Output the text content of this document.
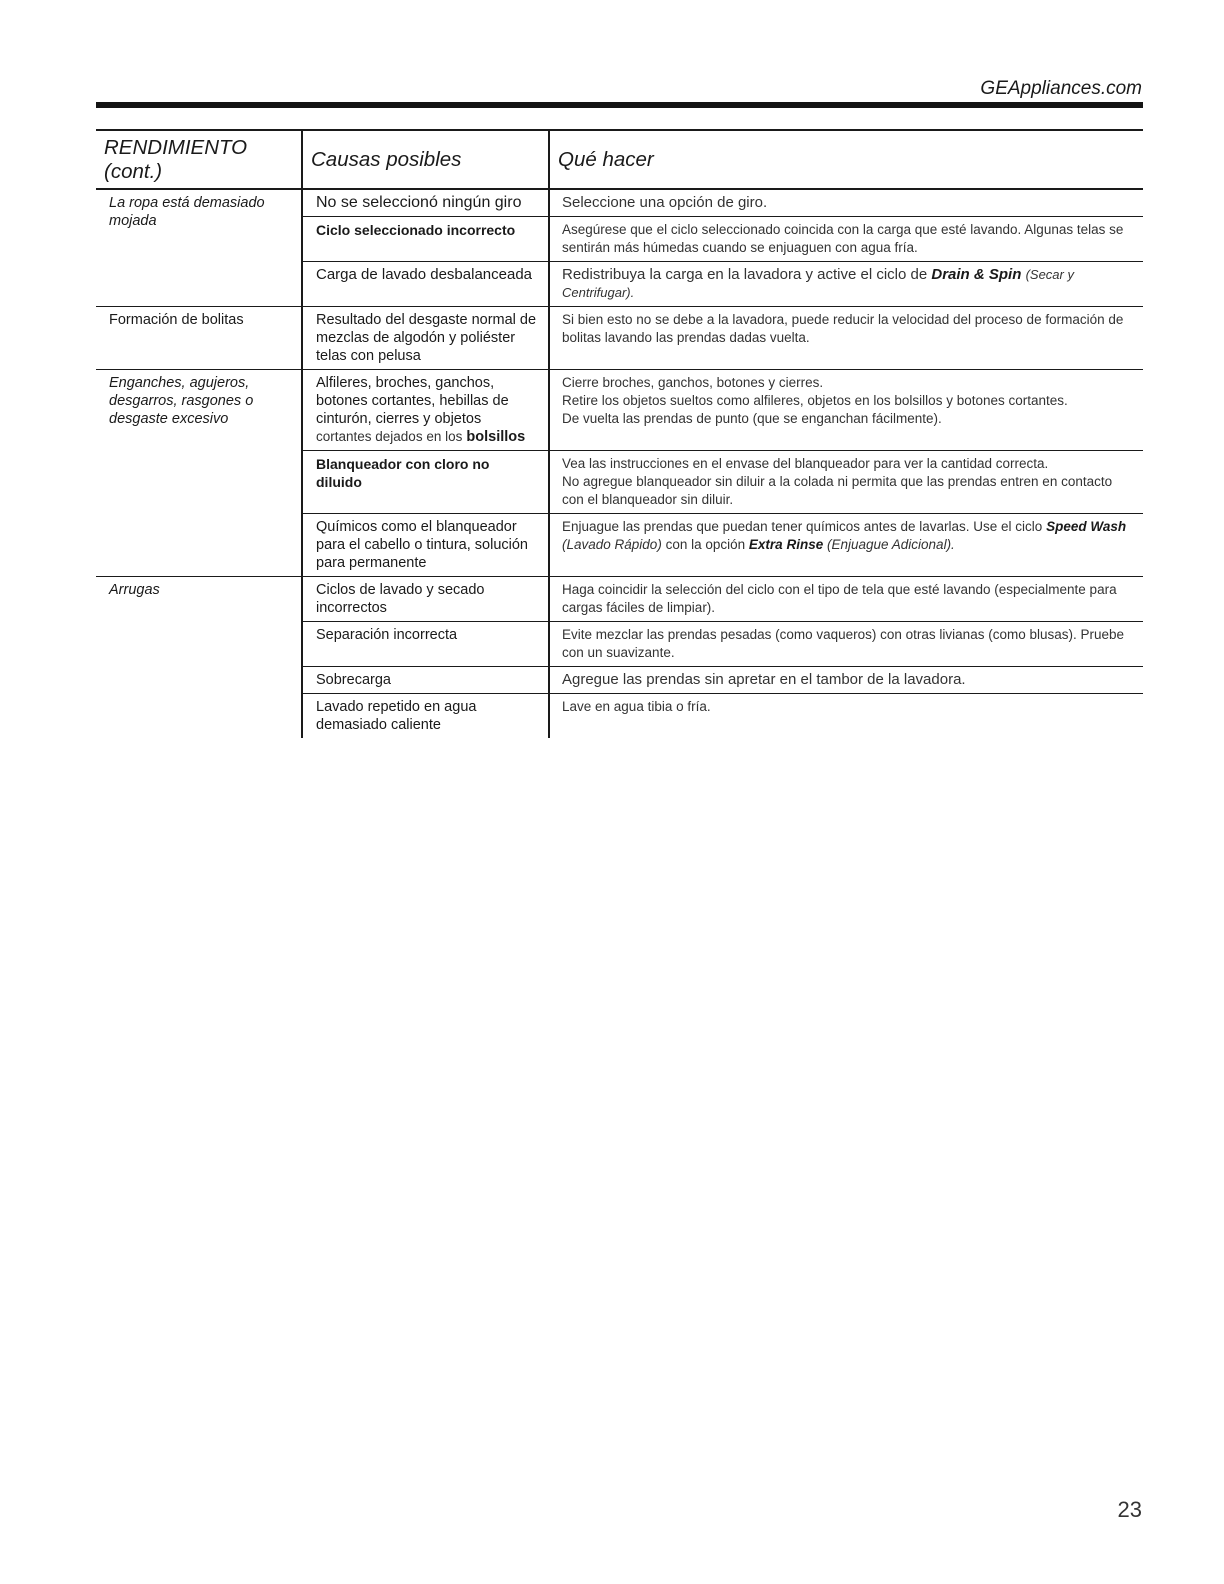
GEAppliances.com
RENDIMIENTO (cont.)	Causas posibles	Qué hacer
La ropa está demasiado mojada	No se seleccionó ningún giro	Seleccione una opción de giro.
	Ciclo seleccionado incorrecto	Asegúrese que el ciclo seleccionado coincida con la carga que esté lavando. Algunas telas se sentirán más húmedas cuando se enjuaguen con agua fría.
	Carga de lavado desbalanceada	Redistribuya la carga en la lavadora y active el ciclo de Drain & Spin (Secar y Centrifugar).
Formación de bolitas	Resultado del desgaste normal de mezclas de algodón y poliéster telas con pelusa	Si bien esto no se debe a la lavadora, puede reducir la velocidad del proceso de formación de bolitas lavando las prendas dadas vuelta.
Enganches, agujeros, desgarros, rasgones o desgaste excesivo	Alfileres, broches, ganchos, botones cortantes, hebillas de cinturón, cierres y objetos cortantes dejados en los bolsillos	Cierre broches, ganchos, botones y cierres.
Retire los objetos sueltos como alfileres, objetos en los bolsillos y botones cortantes.
De vuelta las prendas de punto (que se enganchan fácilmente).

	Blanqueador con cloro no diluido	Vea las instrucciones en el envase del blanqueador para ver la cantidad correcta.
No agregue blanqueador sin diluir a la colada ni permita que las prendas entren en contacto con el blanqueador sin diluir.

	Químicos como el blanqueador para el cabello o tintura, solución para permanente	Enjuague las prendas que puedan tener químicos antes de lavarlas. Use el ciclo Speed Wash (Lavado Rápido) con la opción Extra Rinse (Enjuague Adicional).
Arrugas	Ciclos de lavado y secado incorrectos	Haga coincidir la selección del ciclo con el tipo de tela que esté lavando (especialmente para cargas fáciles de limpiar).
	Separación incorrecta	Evite mezclar las prendas pesadas (como vaqueros) con otras livianas (como blusas). Pruebe con un suavizante.
	Sobrecarga	Agregue las prendas sin apretar en el tambor de la lavadora.
	Lavado repetido en agua demasiado caliente	Lave en agua tibia o fría.
23
